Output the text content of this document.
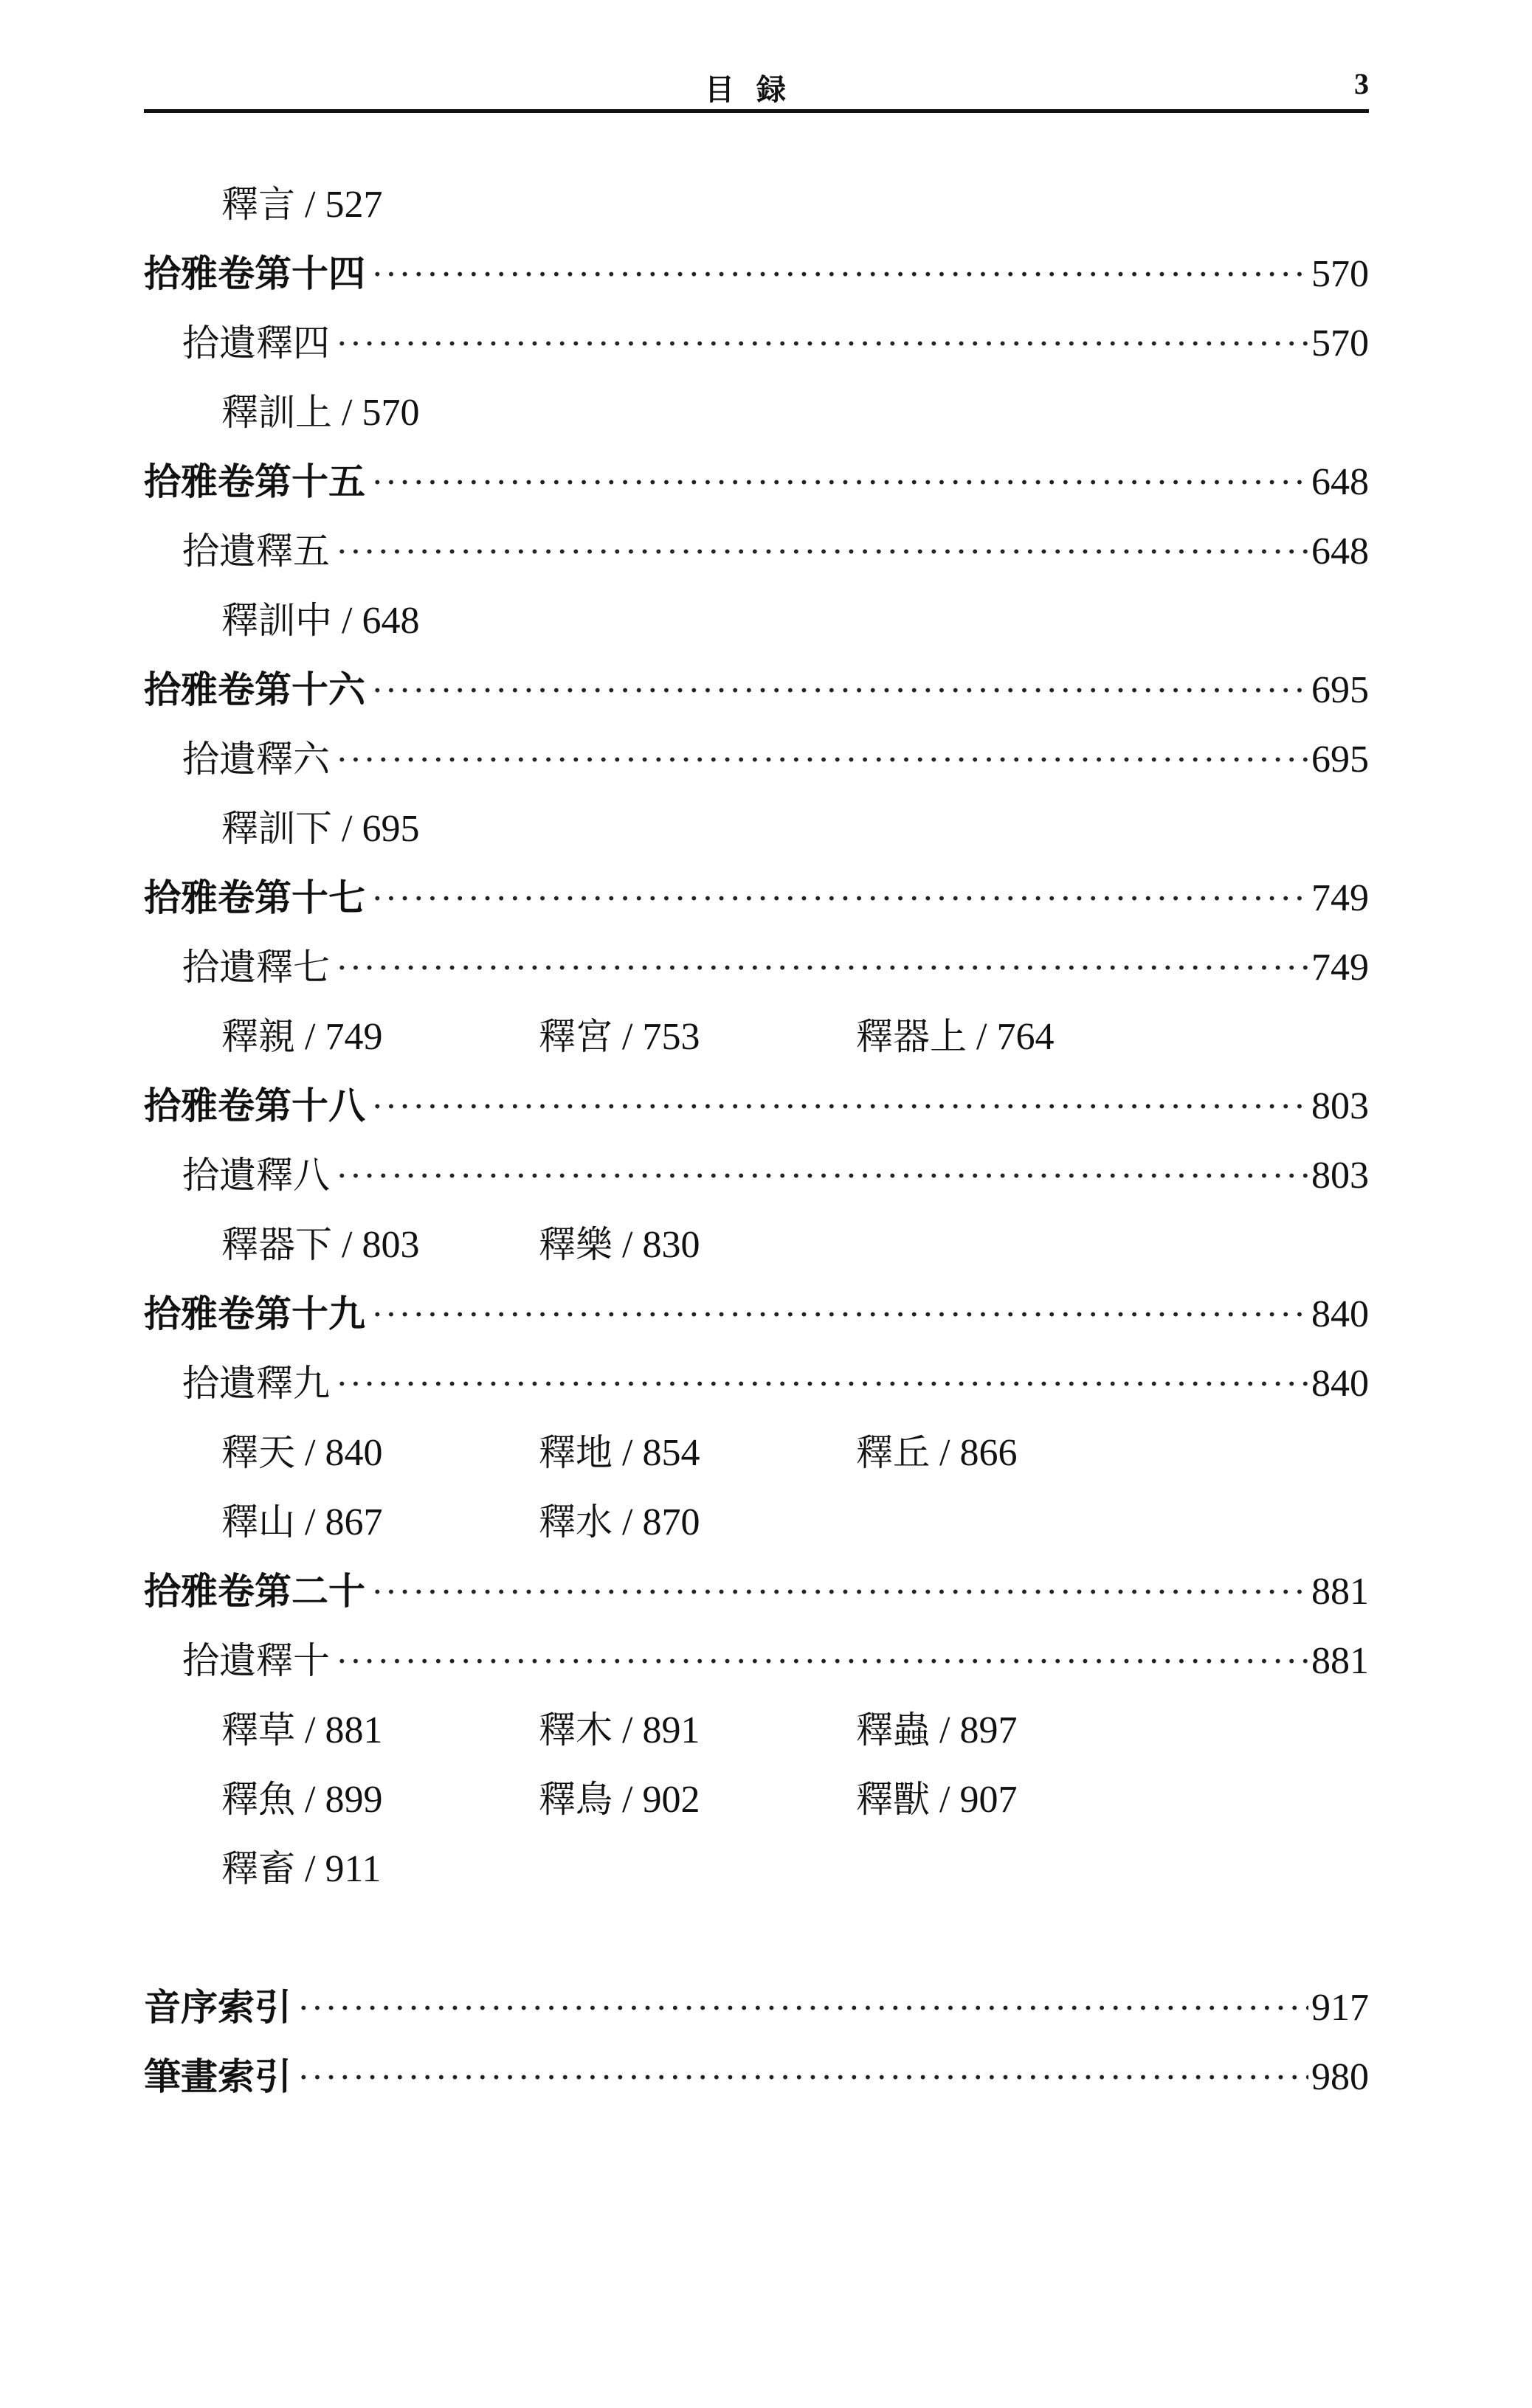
目録	3
釋言 / 527
拾雅卷第十四 ·····	570
拾遺釋四 ·····	570
釋訓上 / 570
拾雅卷第十五 ·····	648
拾遺釋五 ·····	648
釋訓中 / 648
拾雅卷第十六 ·····	695
拾遺釋六 ·····	695
釋訓下 / 695
拾雅卷第十七 ·····	749
拾遺釋七 ·····	749
釋親 / 749	釋宮 / 753	釋器上 / 764
拾雅卷第十八 ·····	803
拾遺釋八 ·····	803
釋器下 / 803	釋樂 / 830
拾雅卷第十九 ·····	840
拾遺釋九 ·····	840
釋天 / 840	釋地 / 854	釋丘 / 866
釋山 / 867	釋水 / 870
拾雅卷第二十 ·····	881
拾遺釋十 ·····	881
釋草 / 881	釋木 / 891	釋蟲 / 897
釋魚 / 899	釋鳥 / 902	釋獸 / 907
釋畜 / 911
音序索引 ·····	917
筆畫索引 ·····	980
